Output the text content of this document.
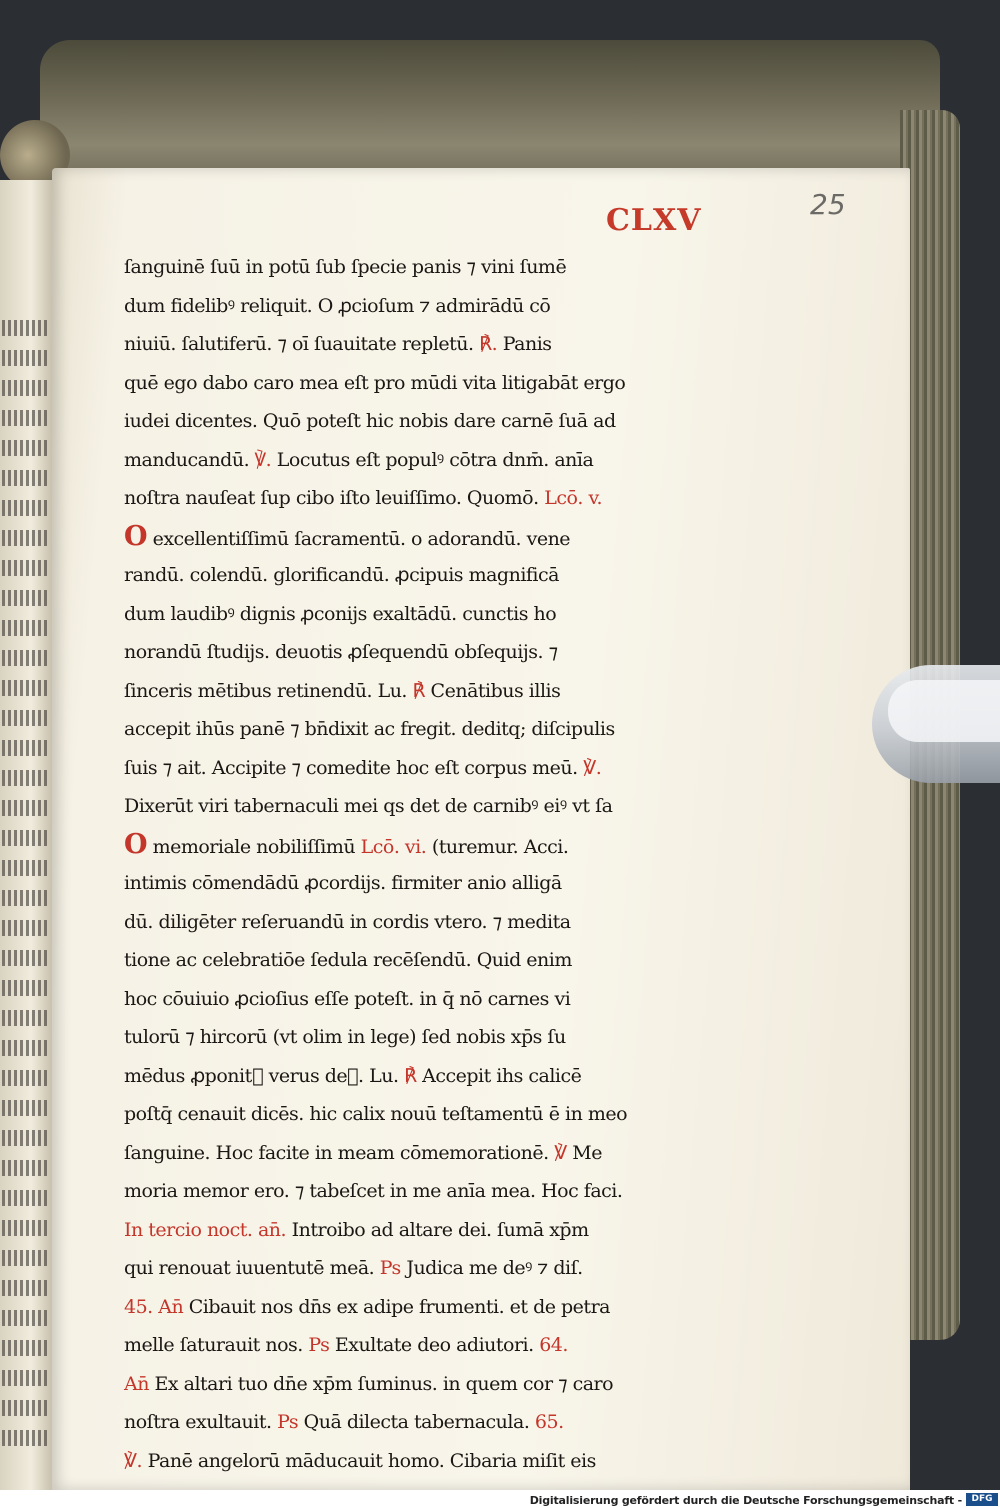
CLXV	25
ſanguinē ſuū in potū ſub ſpecie panis ⁊ vini ſumē
dum fidelibꝰ reliquit. O ꝓcioſum ⁊ admirādū cō
niuiū. ſalutiferū. ⁊ oī ſuauitate repletū. ℟. Panis
quē ego dabo caro mea eſt pro mūdi vita litigabāt ergo
iudei dicentes. Quō poteſt hic nobis dare carnē ſuā ad
manducandū. ℣. Locutus eſt populꝰ cōtra dnm̄. anīa
noſtra nauſeat ſup cibo iſto leuiſſimo. Quomō. Lcō. v.
O excellentiſſimū ſacramentū. o adorandū. vene
randū. colendū. glorificandū. ꝓcipuis magnificā
dum laudibꝰ dignis ꝓconijs exaltādū. cunctis ho
norandū ſtudijs. deuotis ꝓſequendū obſequijs. ⁊
ſinceris mētibus retinendū. Lu. ℟ Cenātibus illis
accepit ihūs panē ⁊ bn̄dixit ac fregit. deditq; diſcipulis
ſuis ⁊ ait. Accipite ⁊ comedite hoc eſt corpus meū. ℣.
Dixerūt viri tabernaculi mei qs det de carnibꝰ eiꝰ vt ſa
O memoriale nobiliſſimū Lcō. vi. (turemur. Acci.
intimis cōmendādū ꝓcordijs. firmiter anio alligā
dū. diligēter reſeruandū in cordis vtero. ⁊ medita
tione ac celebratiōe ſedula recēſendū. Quid enim
hoc cōuiuio ꝓcioſius eſſe poteſt. in q̄ nō carnes vi
tulorū ⁊ hircorū (vt olim in lege) ſed nobis xp̄s ſu
mēdus ꝓponitᷣ verus deꝰ. Lu. ℟ Accepit ihs calicē
poſtq̄ cenauit dicēs. hic calix nouū teſtamentū ē in meo
ſanguine. Hoc facite in meam cōmemorationē. ℣ Me
moria memor ero. ⁊ tabeſcet in me anīa mea. Hoc faci.
In tercio noct. an̄. Introibo ad altare dei. ſumā xp̄m
qui renouat iuuentutē meā. Ps Judica me deꝰ ⁊ diſ.
45. An̄ Cibauit nos dn̄s ex adipe frumenti. et de petra
melle ſaturauit nos. Ps Exultate deo adiutori. 64.
An̄ Ex altari tuo dn̄e xp̄m ſuminus. in quem cor ⁊ caro
noſtra exultauit. Ps Quā dilecta tabernacula. 65.
℣. Panē angelorū māducauit homo. Cibaria miſit eis
Digitalisierung gefördert durch die Deutsche Forschungsgemeinschaft -	DFG
